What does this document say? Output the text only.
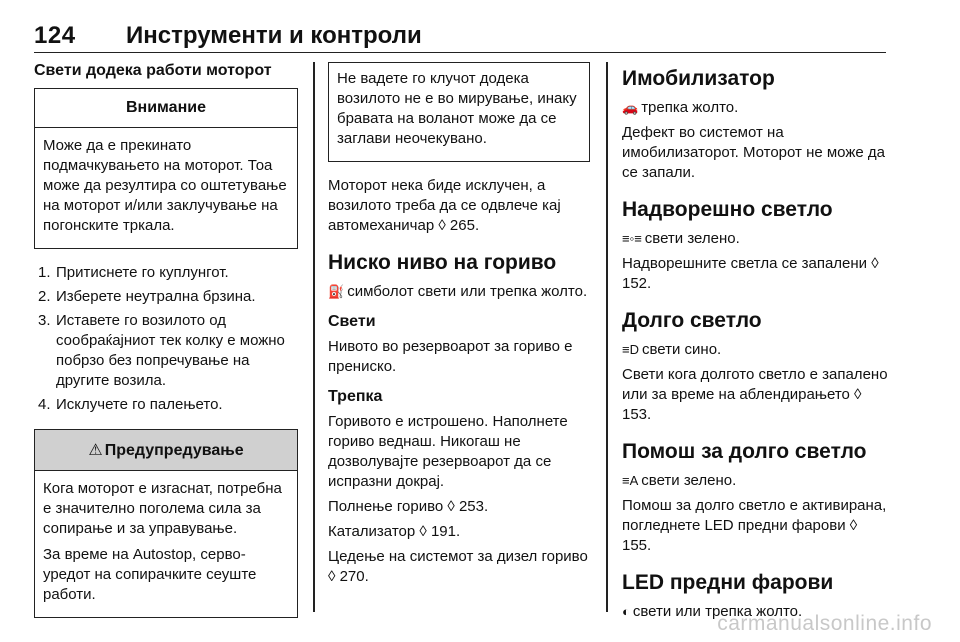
124 Инструменти и контроли
Свети додека работи моторот
Внимание

Може да е прекинато подмачкувањето на моторот. Тоа може да резултира со оштетување на моторот и/или заклучување на погонските тркала.

1. Притиснете го куплунгот.
2. Изберете неутрална брзина.
3. Иставете го возилото од сообраќајниот тек колку е можно побрзо без попречување на другите возила.
4. Исклучете го палењето.
⚠ Предупредување

Кога моторот е изгаснат, потребна е значително поголема сила за сопирање и за управување.

За време на Autostop, серво-уредот на сопирачките сеуште работи.

Не вадете го клучот додека возилото не е во мирување, инаку бравата на воланот може да се заглави неочекувано.

Моторот нека биде исклучен, а возилото треба да се одвлече кај автомеханичар ◊ 265.

Ниско ниво на гориво

⛽ симболот свети или трепка жолто.

Свети

Нивото во резервоарот за гориво е прениско.

Трепка

Горивото е истрошено. Наполнете гориво веднаш. Никогаш не дозволувајте резервоарот да се испразни докрај.

Полнење гориво ◊ 253.

Катализатор ◊ 191.

Цедење на системот за дизел гориво ◊ 270.

Имобилизатор

🚗 трепка жолто.

Дефект во системот на имобилизаторот. Моторот не може да се запали.

Надворешно светло

≡◦≡ свети зелено.

Надворешните светла се запалени ◊ 152.

Долго светло

≡D свети сино.

Свети кога долгото светло е запалено или за време на аблендирањето ◊ 153.

Помош за долго светло

≡A свети зелено.

Помош за долго светло е активирана, погледнете LED предни фарови ◊ 155.

LED предни фарови

◐ свети или трепка жолто.

carmanualsonline.info
